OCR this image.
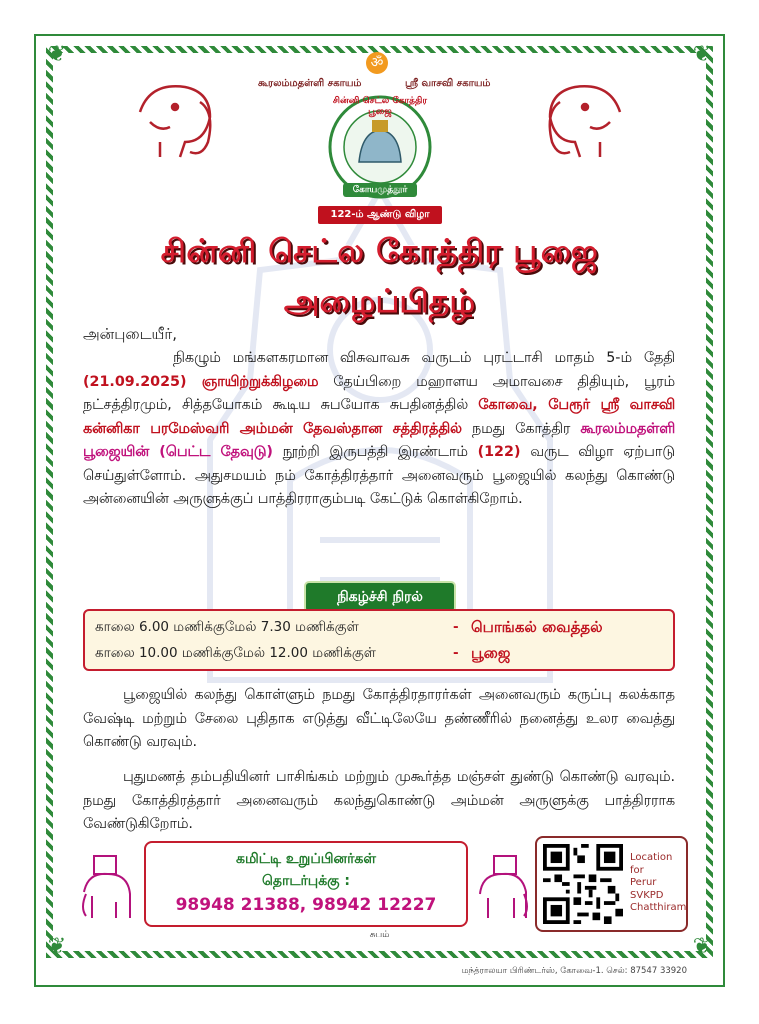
❦	❦
❦	❦
ॐ
கூரலம்மதள்ளி சகாயம்	ஸ்ரீ வாசவி சகாயம்
சின்னி செட்ல கோத்திர பூஜை
கோயமுத்தூர்
122-ம் ஆண்டு விழா
சின்னி செட்ல கோத்திர பூஜை
அழைப்பிதழ்
அன்புடையீர்,
நிகழும் மங்களகரமான விசுவாவசு வருடம் புரட்டாசி மாதம் 5-ம் தேதி (21.09.2025) ஞாயிற்றுக்கிழமை தேய்பிறை மஹாளய அமாவசை திதியும், பூரம் நட்சத்திரமும், சித்தயோகம் கூடிய சுபயோக சுபதினத்தில் கோவை, பேரூர் ஸ்ரீ வாசவி கன்னிகா பரமேஸ்வரி அம்மன் தேவஸ்தான சத்திரத்தில் நமது கோத்திர கூரலம்மதள்ளி பூஜையின் (பெட்ட தேவுடு) நூற்றி இருபத்தி இரண்டாம் (122) வருட விழா ஏற்பாடு செய்துள்ளோம். அதுசமயம் நம் கோத்திரத்தார் அனைவரும் பூஜையில் கலந்து கொண்டு அன்னையின் அருளுக்குப் பாத்திரராகும்படி கேட்டுக் கொள்கிறோம்.
நிகழ்ச்சி நிரல்
காலை 6.00 மணிக்குமேல் 7.30 மணிக்குள்	- பொங்கல் வைத்தல்
காலை 10.00 மணிக்குமேல் 12.00 மணிக்குள்	- பூஜை
பூஜையில் கலந்து கொள்ளும் நமது கோத்திரதாரர்கள் அனைவரும் கருப்பு கலக்காத வேஷ்டி மற்றும் சேலை புதிதாக எடுத்து வீட்டிலேயே தண்ணீரில் நனைத்து உலர வைத்து கொண்டு வரவும்.
புதுமணத் தம்பதியினர் பாசிங்கம் மற்றும் முகூர்த்த மஞ்சள் துண்டு கொண்டு வரவும். நமது கோத்திரத்தார் அனைவரும் கலந்துகொண்டு அம்மன் அருளுக்கு பாத்திரராக வேண்டுகிறோம்.
கமிட்டி உறுப்பினர்கள்
தொடர்புக்கு :
98948 21388, 98942 12227
Location
for
Perur
SVKPD
Chatthiram
சுபம்
மந்த்ராலயா பிரிண்டர்ஸ், கோவை-1. செல்: 87547 33920
